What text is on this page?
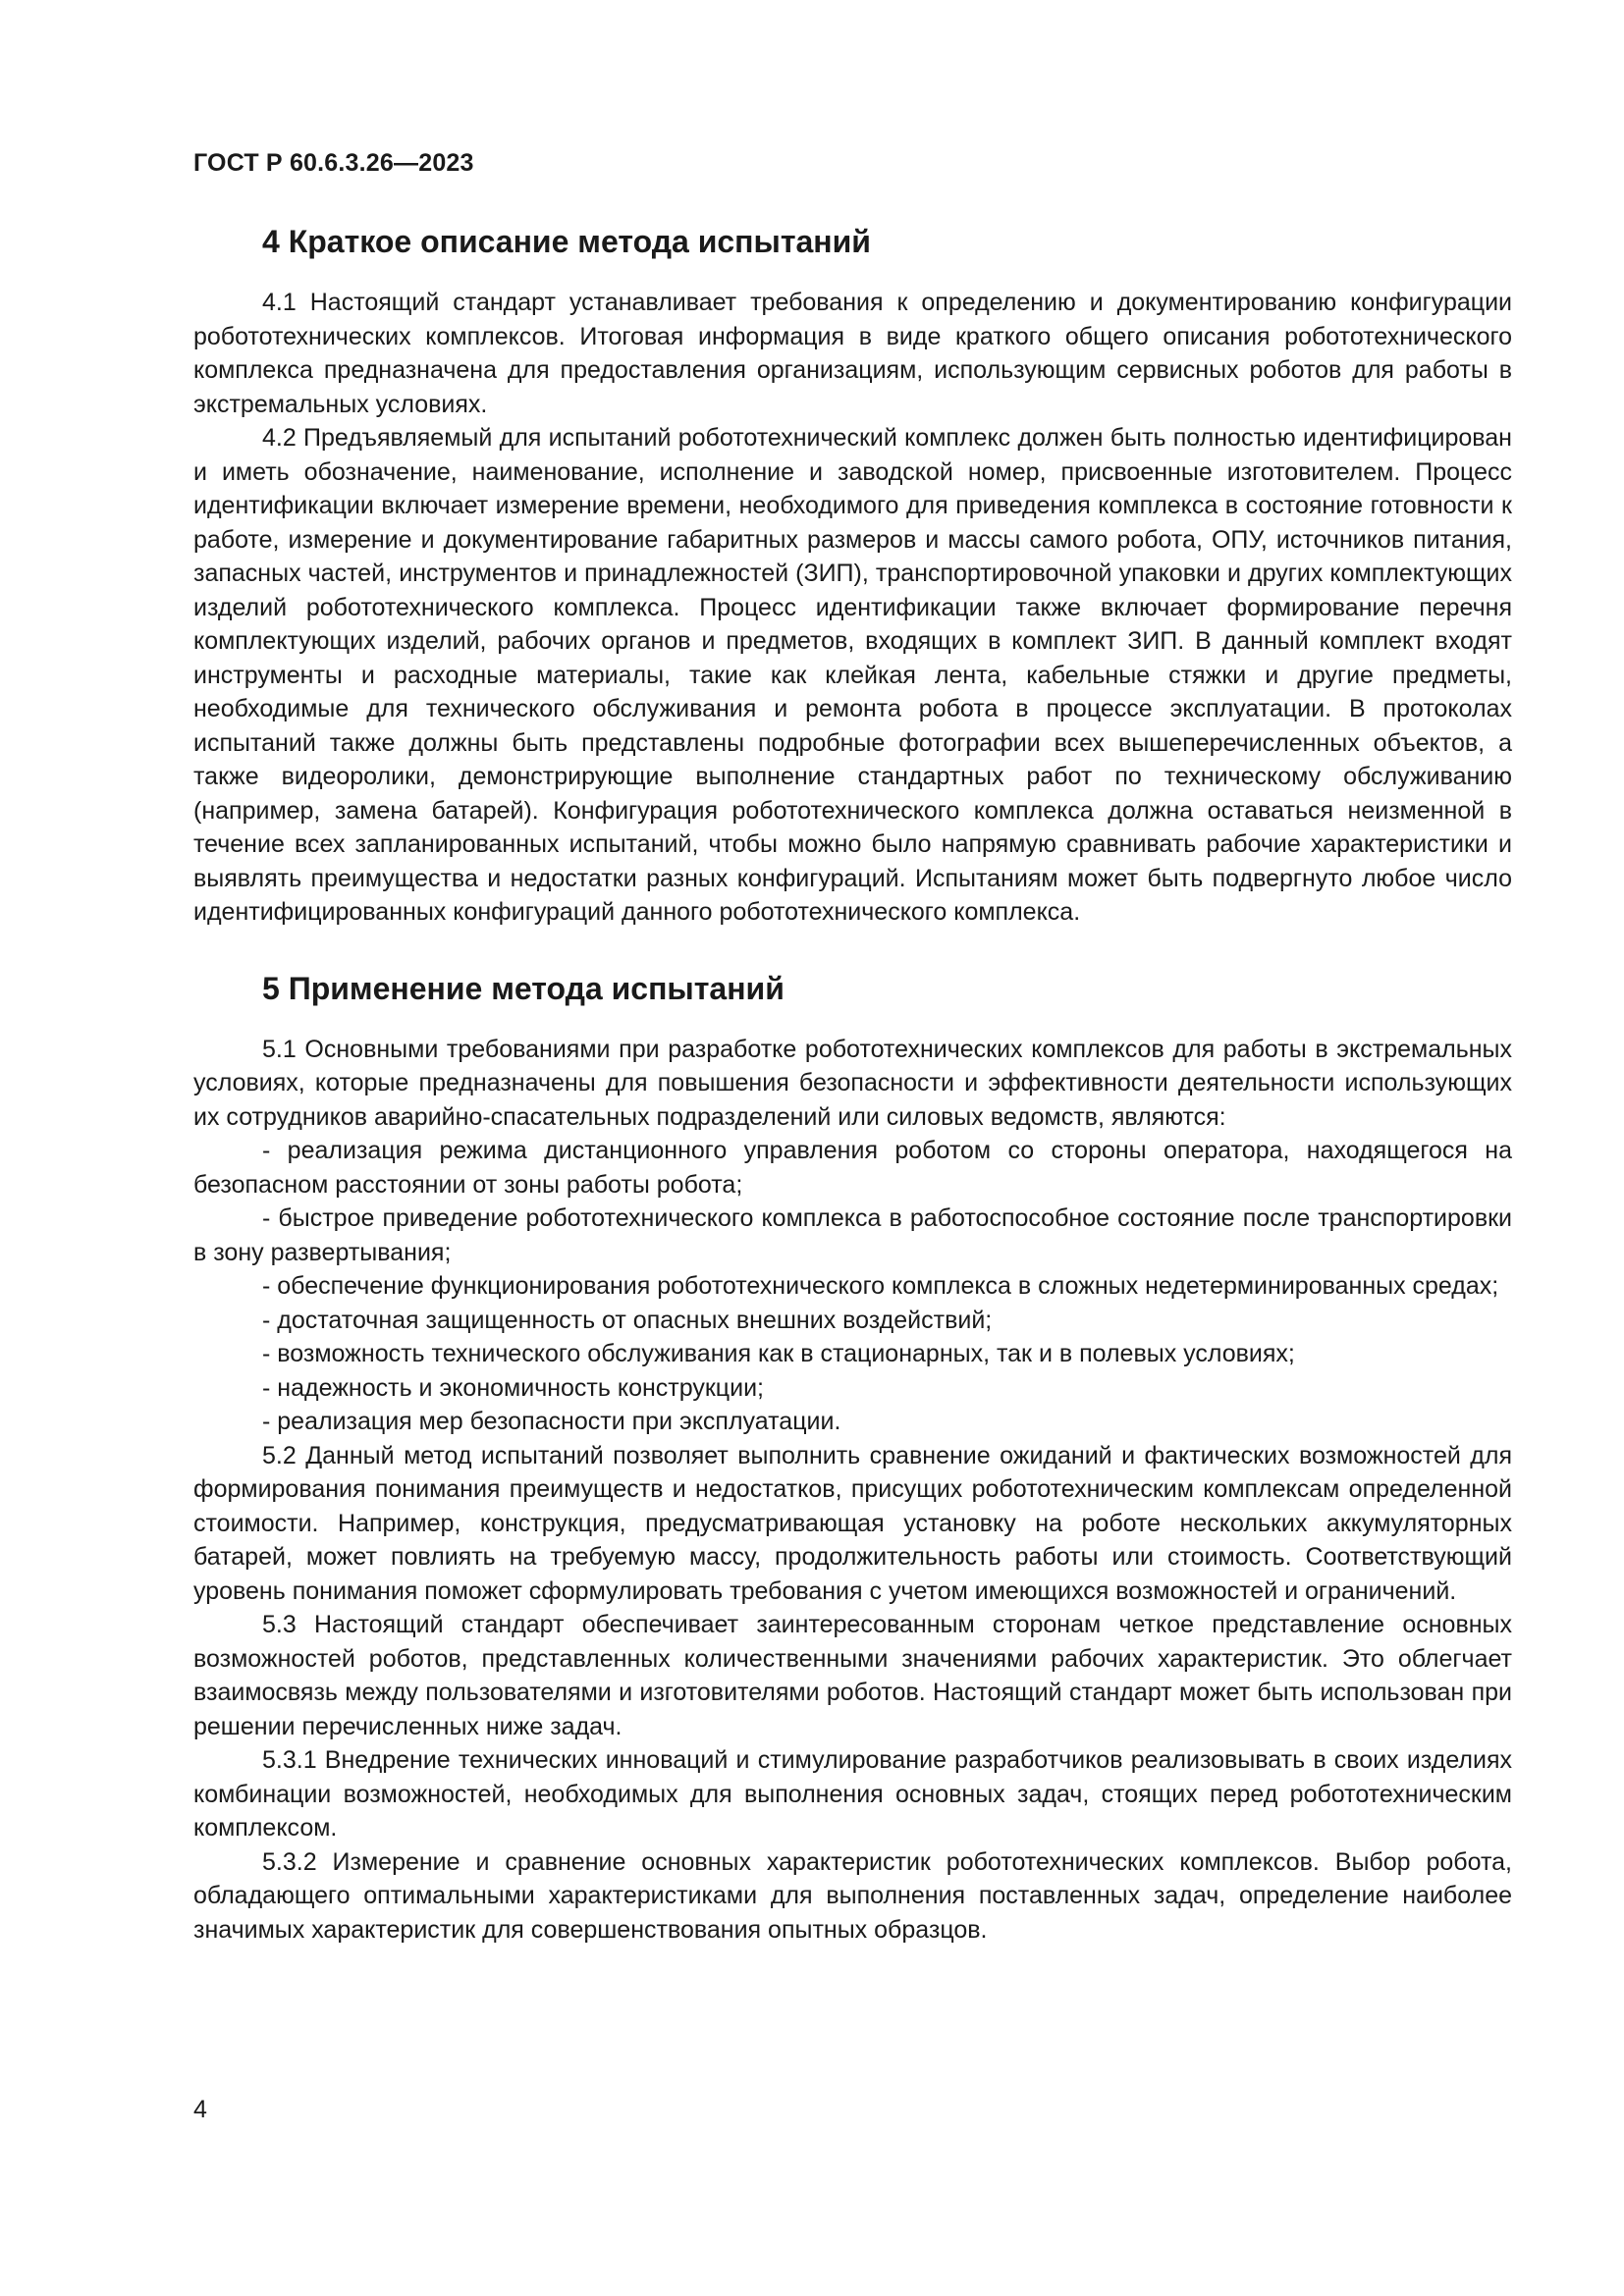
ГОСТ Р 60.6.3.26—2023
4 Краткое описание метода испытаний

4.1 Настоящий стандарт устанавливает требования к определению и документированию конфигурации робототехнических комплексов. Итоговая информация в виде краткого общего описания робототехнического комплекса предназначена для предоставления организациям, использующим сервисных роботов для работы в экстремальных условиях.

4.2 Предъявляемый для испытаний робототехнический комплекс должен быть полностью идентифицирован и иметь обозначение, наименование, исполнение и заводской номер, присвоенные изготовителем. Процесс идентификации включает измерение времени, необходимого для приведения комплекса в состояние готовности к работе, измерение и документирование габаритных размеров и массы самого робота, ОПУ, источников питания, запасных частей, инструментов и принадлежностей (ЗИП), транспортировочной упаковки и других комплектующих изделий робототехнического комплекса. Процесс идентификации также включает формирование перечня комплектующих изделий, рабочих органов и предметов, входящих в комплект ЗИП. В данный комплект входят инструменты и расходные материалы, такие как клейкая лента, кабельные стяжки и другие предметы, необходимые для технического обслуживания и ремонта робота в процессе эксплуатации. В протоколах испытаний также должны быть представлены подробные фотографии всех вышеперечисленных объектов, а также видеоролики, демонстрирующие выполнение стандартных работ по техническому обслуживанию (например, замена батарей). Конфигурация робототехнического комплекса должна оставаться неизменной в течение всех запланированных испытаний, чтобы можно было напрямую сравнивать рабочие характеристики и выявлять преимущества и недостатки разных конфигураций. Испытаниям может быть подвергнуто любое число идентифицированных конфигураций данного робототехнического комплекса.

5 Применение метода испытаний

5.1 Основными требованиями при разработке робототехнических комплексов для работы в экстремальных условиях, которые предназначены для повышения безопасности и эффективности деятельности использующих их сотрудников аварийно-спасательных подразделений или силовых ведомств, являются:

- реализация режима дистанционного управления роботом со стороны оператора, находящегося на безопасном расстоянии от зоны работы робота;

- быстрое приведение робототехнического комплекса в работоспособное состояние после транспортировки в зону развертывания;

- обеспечение функционирования робототехнического комплекса в сложных недетерминированных средах;

- достаточная защищенность от опасных внешних воздействий;

- возможность технического обслуживания как в стационарных, так и в полевых условиях;

- надежность и экономичность конструкции;

- реализация мер безопасности при эксплуатации.

5.2 Данный метод испытаний позволяет выполнить сравнение ожиданий и фактических возможностей для формирования понимания преимуществ и недостатков, присущих робототехническим комплексам определенной стоимости. Например, конструкция, предусматривающая установку на роботе нескольких аккумуляторных батарей, может повлиять на требуемую массу, продолжительность работы или стоимость. Соответствующий уровень понимания поможет сформулировать требования с учетом имеющихся возможностей и ограничений.

5.3 Настоящий стандарт обеспечивает заинтересованным сторонам четкое представление основных возможностей роботов, представленных количественными значениями рабочих характеристик. Это облегчает взаимосвязь между пользователями и изготовителями роботов. Настоящий стандарт может быть использован при решении перечисленных ниже задач.

5.3.1 Внедрение технических инноваций и стимулирование разработчиков реализовывать в своих изделиях комбинации возможностей, необходимых для выполнения основных задач, стоящих перед робототехническим комплексом.

5.3.2 Измерение и сравнение основных характеристик робототехнических комплексов. Выбор робота, обладающего оптимальными характеристиками для выполнения поставленных задач, определение наиболее значимых характеристик для совершенствования опытных образцов.

4
